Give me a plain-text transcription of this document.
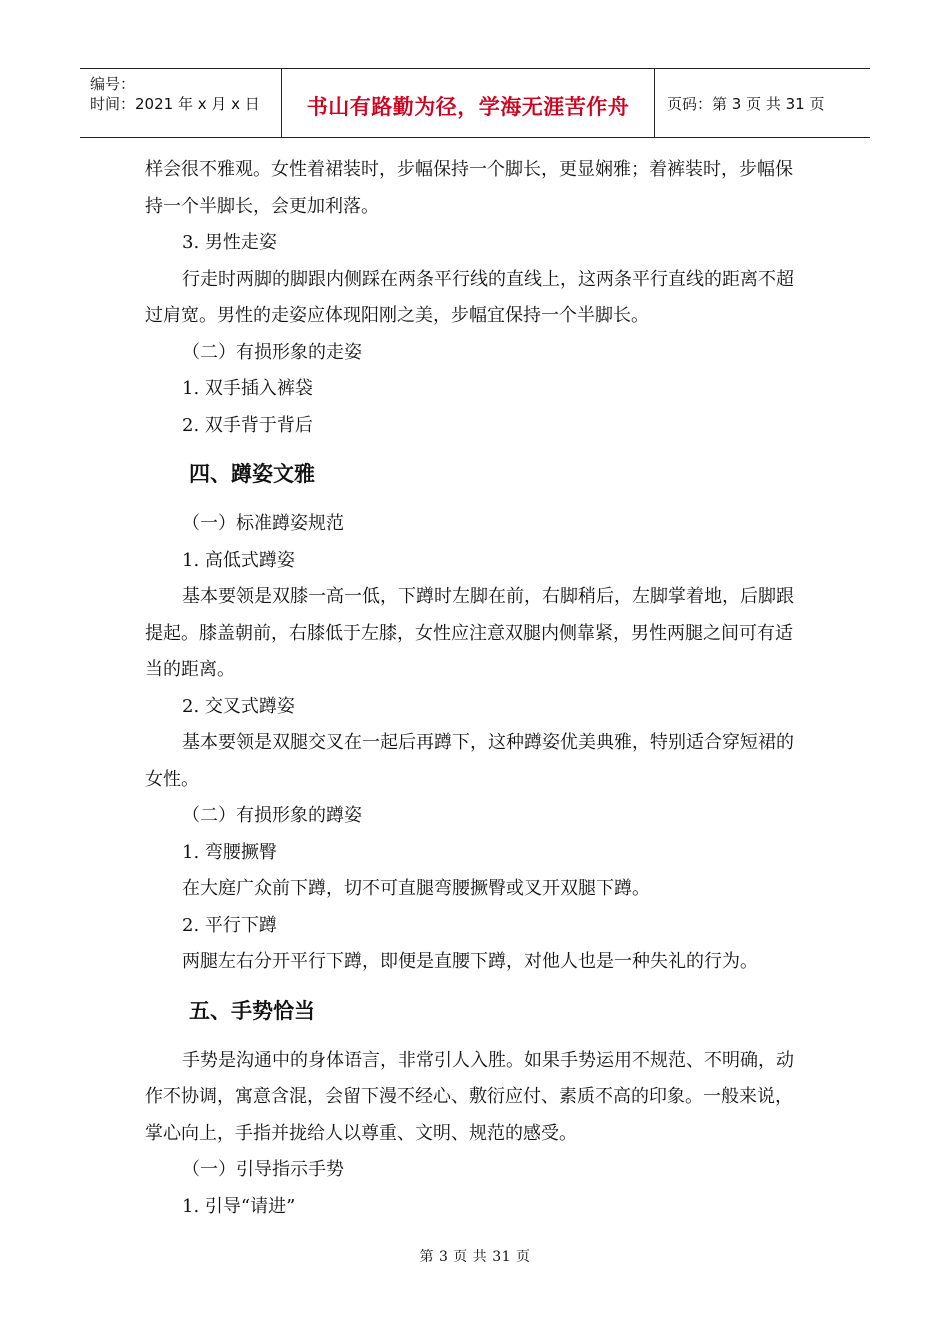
编号：
时间：2021 年 x 月 x 日	书山有路勤为径，学海无涯苦作舟	页码：第 3 页 共 31 页

样会很不雅观。女性着裙装时，步幅保持一个脚长，更显娴雅；着裤装时，步幅保持一个半脚长，会更加利落。

3. 男性走姿

行走时两脚的脚跟内侧踩在两条平行线的直线上，这两条平行直线的距离不超过肩宽。男性的走姿应体现阳刚之美，步幅宜保持一个半脚长。

（二）有损形象的走姿

1. 双手插入裤袋

2. 双手背于背后

四、蹲姿文雅

（一）标准蹲姿规范

1. 高低式蹲姿

基本要领是双膝一高一低，下蹲时左脚在前，右脚稍后，左脚掌着地，后脚跟提起。膝盖朝前，右膝低于左膝，女性应注意双腿内侧靠紧，男性两腿之间可有适当的距离。

2. 交叉式蹲姿

基本要领是双腿交叉在一起后再蹲下，这种蹲姿优美典雅，特别适合穿短裙的女性。

（二）有损形象的蹲姿

1. 弯腰撅臀

在大庭广众前下蹲，切不可直腿弯腰撅臀或叉开双腿下蹲。

2. 平行下蹲

两腿左右分开平行下蹲，即便是直腰下蹲，对他人也是一种失礼的行为。

五、手势恰当

手势是沟通中的身体语言，非常引人入胜。如果手势运用不规范、不明确，动作不协调，寓意含混，会留下漫不经心、敷衍应付、素质不高的印象。一般来说，掌心向上，手指并拢给人以尊重、文明、规范的感受。

（一）引导指示手势

1. 引导“请进”

第 3 页 共 31 页
